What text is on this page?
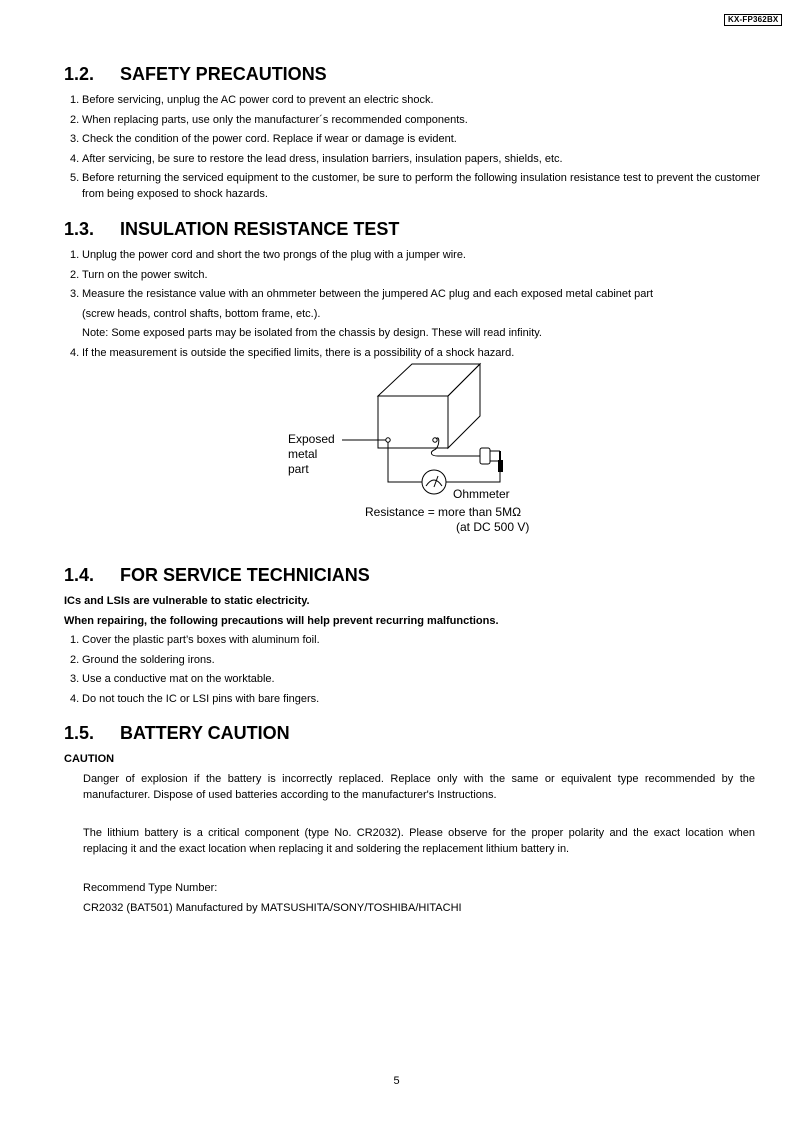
KX-FP362BX
1.2. SAFETY PRECAUTIONS
1. Before servicing, unplug the AC power cord to prevent an electric shock.
2. When replacing parts, use only the manufacturer´s recommended components.
3. Check the condition of the power cord. Replace if wear or damage is evident.
4. After servicing, be sure to restore the lead dress, insulation barriers, insulation papers, shields, etc.
5. Before returning the serviced equipment to the customer, be sure to perform the following insulation resistance test to prevent the customer from being exposed to shock hazards.
1.3. INSULATION RESISTANCE TEST
1. Unplug the power cord and short the two prongs of the plug with a jumper wire.
2. Turn on the power switch.
3. Measure the resistance value with an ohmmeter between the jumpered AC plug and each exposed metal cabinet part
(screw heads, control shafts, bottom frame, etc.).
Note: Some exposed parts may be isolated from the chassis by design. These will read infinity.
4. If the measurement is outside the specified limits, there is a possibility of a shock hazard.
Exposed
metal
part
Ohmmeter
Resistance = more than 5MΩ
(at DC 500 V)
1.4. FOR SERVICE TECHNICIANS

ICs and LSIs are vulnerable to static electricity.

When repairing, the following precautions will help prevent recurring malfunctions.

1. Cover the plastic part’s boxes with aluminum foil.
2. Ground the soldering irons.
3. Use a conductive mat on the worktable.
4. Do not touch the IC or LSI pins with bare fingers.
1.5. BATTERY CAUTION

CAUTION

Danger of explosion if the battery is incorrectly replaced. Replace only with the same or equivalent type recommended by the manufacturer. Dispose of used batteries according to the manufacturer's Instructions.

The lithium battery is a critical component (type No. CR2032). Please observe for the proper polarity and the exact location when replacing it and the exact location when replacing it and soldering the replacement lithium battery in.

Recommend Type Number:

CR2032 (BAT501) Manufactured by MATSUSHITA/SONY/TOSHIBA/HITACHI

5
